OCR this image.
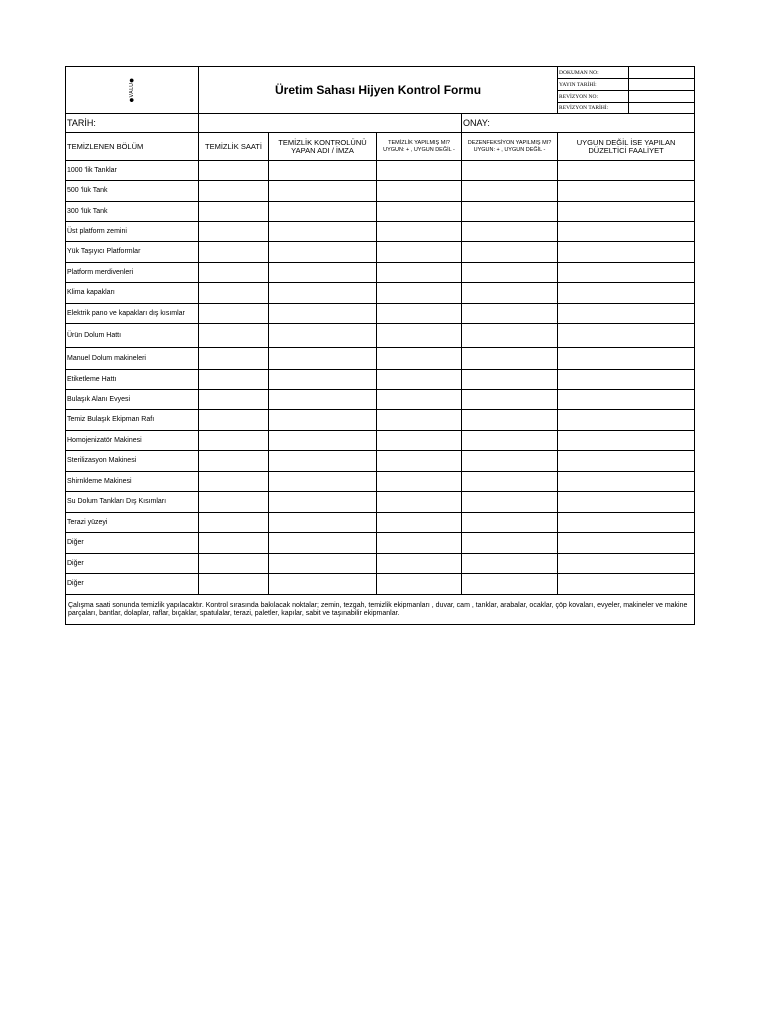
●VALU●	Üretim Sahası Hijyen Kontrol Formu				DOKUMAN NO:	
					YAYIN TARİHİ:	
					REVİZYON NO:	
					REVİZYON TARİHİ:	
TARİH:				ONAY:		
TEMİZLENEN BÖLÜM	TEMİZLİK SAATİ	TEMİZLİK KONTROLÜNÜ YAPAN ADI / İMZA	TEMİZLİK YAPILMIŞ MI? UYGUN: + , UYGUN DEĞİL -	DEZENFEKSİYON YAPILMIŞ MI? UYGUN: + , UYGUN DEĞİL -	UYGUN DEĞİL İSE YAPILAN DÜZELTİCİ FAALİYET	
1000 'lik Tanklar						
500 'lük Tank						
300 'lük Tank						
Üst platform zemini						
Yük Taşıyıcı Platformlar						
Platform merdivenleri						
Klima kapakları						
Elektrik pano ve kapakları dış kısımlar						
Ürün Dolum Hattı						
Manuel Dolum makineleri						
Etiketleme Hattı						
Bulaşık Alanı Evyesi						
Temiz Bulaşık Ekipman Rafı						
Homojenizatör Makinesi						
Sterilizasyon Makinesi						
Shirnkleme Makinesi						
Su Dolum Tankları Dış Kısımları						
Terazi yüzeyi						
Diğer						
Diğer						
Diğer						
Çalışma saati sonunda temizlik yapılacaktır. Kontrol sırasında bakılacak noktalar; zemin, tezgah, temizlik ekipmanları , duvar, cam , tanklar, arabalar, ocaklar, çöp kovaları, evyeler, makineler ve makine parçaları, bantlar, dolaplar, raflar, bıçaklar, spatulalar, terazi, paletler, kapılar, sabit ve taşınabilir ekipmanlar.						
